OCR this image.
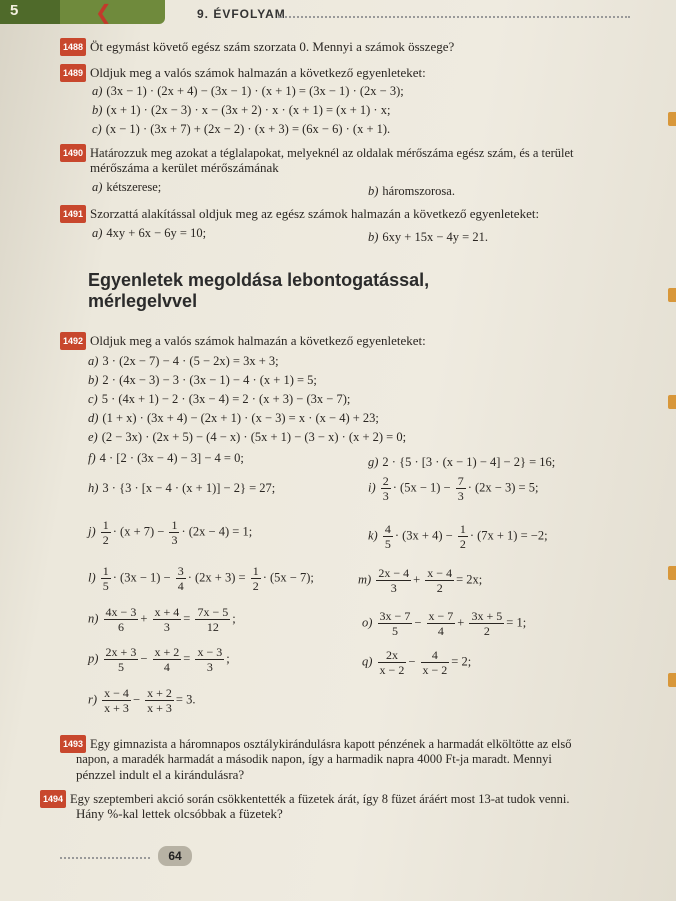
5	❮	9. ÉVFOLYAM
1488 Öt egymást követő egész szám szorzata 0. Mennyi a számok összege?
1489 Oldjuk meg a valós számok halmazán a következő egyenleteket:
a) (3x − 1) · (2x + 4) − (3x − 1) · (x + 1) = (3x − 1) · (2x − 3);
b) (x + 1) · (2x − 3) · x − (3x + 2) · x · (x + 1) = (x + 1) · x;
c) (x − 1) · (3x + 7) + (2x − 2) · (x + 3) = (6x − 6) · (x + 1).
1490 Határozzuk meg azokat a téglalapokat, melyeknél az oldalak mérőszáma egész szám, és a terület
mérőszáma a kerület mérőszámának
a) kétszerese;	b) háromszorosa.
1491 Szorzattá alakítással oldjuk meg az egész számok halmazán a következő egyenleteket:
a) 4xy + 6x − 6y = 10;	b) 6xy + 15x − 4y = 21.
Egyenletek megoldása lebontogatással,
mérlegelvvel
1492 Oldjuk meg a valós számok halmazán a következő egyenleteket:
a) 3 · (2x − 7) − 4 · (5 − 2x) = 3x + 3;
b) 2 · (4x − 3) − 3 · (3x − 1) − 4 · (x + 1) = 5;
c) 5 · (4x + 1) − 2 · (3x − 4) = 2 · (x + 3) − (3x − 7);
d) (1 + x) · (3x + 4) − (2x + 1) · (x − 3) = x · (x − 4) + 23;
e) (2 − 3x) · (2x + 5) − (4 − x) · (5x + 1) − (3 − x) · (x + 2) = 0;
f) 4 · [2 · (3x − 4) − 3] − 4 = 0;	g) 2 · {5 · [3 · (x − 1) − 4] − 2} = 16;
h) 3 · {3 · [x − 4 · (x + 1)] − 2} = 27;	$i) \frac{2}{3} \cdot (5x - 1) - \frac{7}{3} \cdot (2x - 3) = 5$;
$j) \frac{1}{2} \cdot (x + 7) - \frac{1}{3} \cdot (2x - 4) = 1$;	$k) \frac{4}{5} \cdot (3x + 4) - \frac{1}{2} \cdot (7x + 1) = -2$;
$l) \frac{1}{5} \cdot (3x - 1) - \frac{3}{4} \cdot (2x + 3) = \frac{1}{2} \cdot (5x - 7)$;	$m) \frac{2x - 4}{3} + \frac{x - 4}{2} = 2x$;
$n) \frac{4x - 3}{6} + \frac{x + 4}{3} = \frac{7x - 5}{12}$ ;	$o) \frac{3x - 7}{5} - \frac{x - 7}{4} + \frac{3x + 5}{2} = 1$;
$p) \frac{2x + 3}{5} - \frac{x + 2}{4} = \frac{x - 3}{3}$ ;	$q) \frac{2x}{x - 2} - \frac{4}{x - 2} = 2$;
$r) \frac{x - 4}{x + 3} - \frac{x + 2}{x + 3} = 3$.
1493 Egy gimnazista a háromnapos osztálykirándulásra kapott pénzének a harmadát elköltötte az első
napon, a maradék harmadát a második napon, így a harmadik napra 4000 Ft-ja maradt. Mennyi
pénzzel indult el a kirándulásra?
1494 Egy szeptemberi akció során csökkentették a füzetek árát, így 8 füzet áráért most 13-at tudok venni.
Hány %-kal lettek olcsóbbak a füzetek?
64
